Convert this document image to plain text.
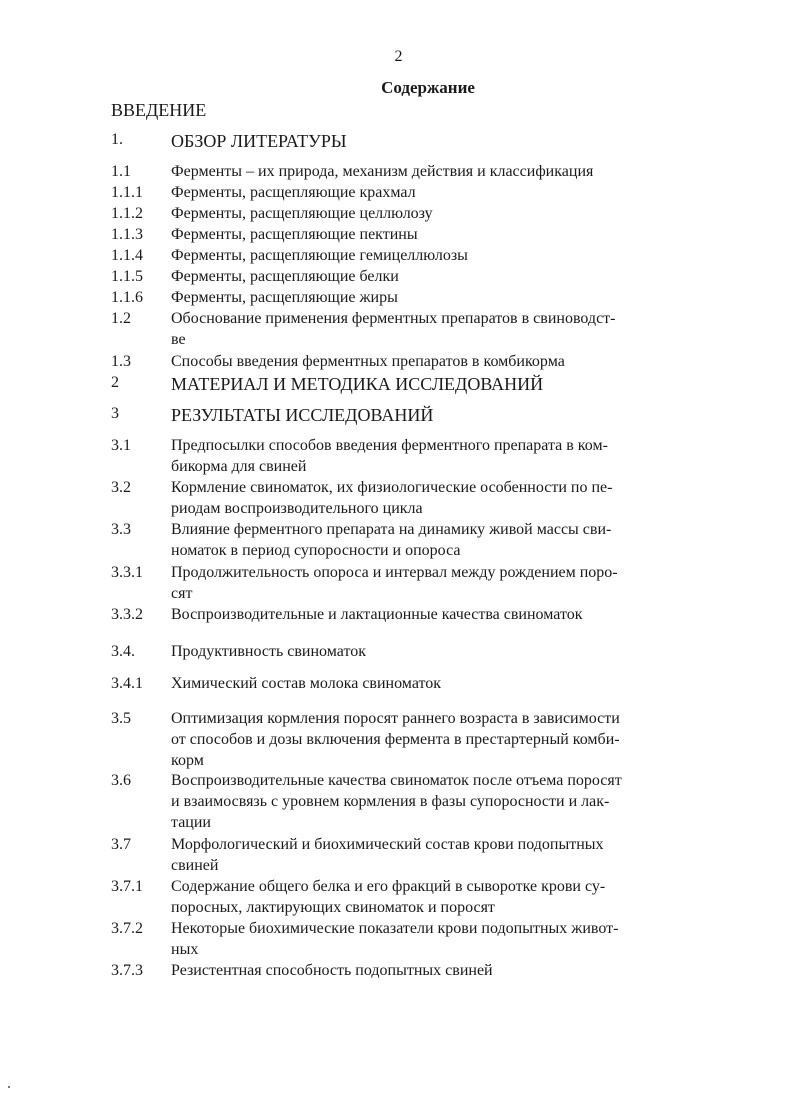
2
Содержание
ВВЕДЕНИЕ
1.	ОБЗОР ЛИТЕРАТУРЫ
1.1	Ферменты – их природа, механизм действия и классификация
1.1.1 Ферменты, расщепляющие крахмал
1.1.2 Ферменты, расщепляющие целлюлозу
1.1.3 Ферменты, расщепляющие пектины
1.1.4 Ферменты, расщепляющие гемицеллюлозы
1.1.5 Ферменты, расщепляющие белки
1.1.6 Ферменты, расщепляющие жиры
1.2	Обоснование применения ферментных препаратов в свиноводст-
ве
1.3	Способы введения ферментных препаратов в комбикорма
2	МАТЕРИАЛ И МЕТОДИКА ИССЛЕДОВАНИЙ
3	РЕЗУЛЬТАТЫ ИССЛЕДОВАНИЙ
3.1	Предпосылки способов введения ферментного препарата в ком-
бикорма для свиней
3.2	Кормление свиноматок, их физиологические особенности по пе-
риодам воспроизводительного цикла
3.3	Влияние ферментного препарата на динамику живой массы сви-
номаток в период супоросности и опороса
3.3.1 Продолжительность опороса и интервал между рождением поро-
сят
3.3.2 Воспроизводительные и лактационные качества свиноматок
3.4. Продуктивность свиноматок
3.4.1 Химический состав молока свиноматок
3.5	Оптимизация кормления поросят раннего возраста в зависимости
от способов и дозы включения фермента в престартерный комби-
корм
3.6	Воспроизводительные качества свиноматок после отъема поросят
и взаимосвязь с уровнем кормления в фазы супоросности и лак-
тации
3.7	Морфологический и биохимический состав крови подопытных
свиней
3.7.1 Содержание общего белка и его фракций в сыворотке крови су-
поросных, лактирующих свиноматок и поросят
3.7.2 Некоторые биохимические показатели крови подопытных живот-
ных
3.7.3 Резистентная способность подопытных свиней
